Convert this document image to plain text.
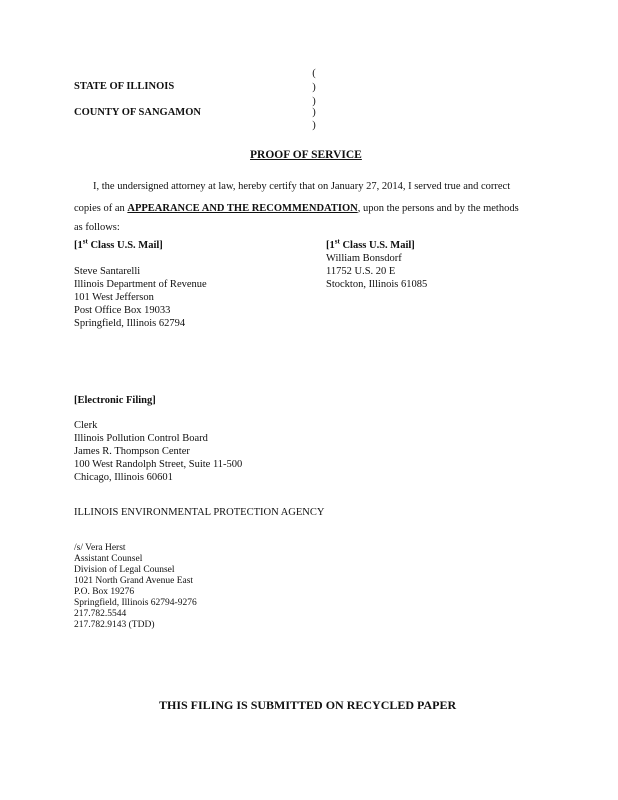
(
)
)
)
)
STATE OF ILLINOIS
COUNTY OF SANGAMON
PROOF OF SERVICE
I, the undersigned attorney at law, hereby certify that on January 27, 2014, I served true and correct
copies of an APPEARANCE AND THE RECOMMENDATION, upon the persons and by the methods
as follows:
[1st Class U.S. Mail]
Steve Santarelli
Illinois Department of Revenue
101 West Jefferson
Post Office Box 19033
Springfield, Illinois 62794
[1st Class U.S. Mail]
William Bonsdorf
11752 U.S. 20 E
Stockton, Illinois 61085
[Electronic Filing]
Clerk
Illinois Pollution Control Board
James R. Thompson Center
100 West Randolph Street, Suite 11-500
Chicago, Illinois 60601
ILLINOIS ENVIRONMENTAL PROTECTION AGENCY
/s/ Vera Herst
Assistant Counsel
Division of Legal Counsel
1021 North Grand Avenue East
P.O. Box 19276
Springfield, Illinois 62794-9276
217.782.5544
217.782.9143 (TDD)
THIS FILING IS SUBMITTED ON RECYCLED PAPER
